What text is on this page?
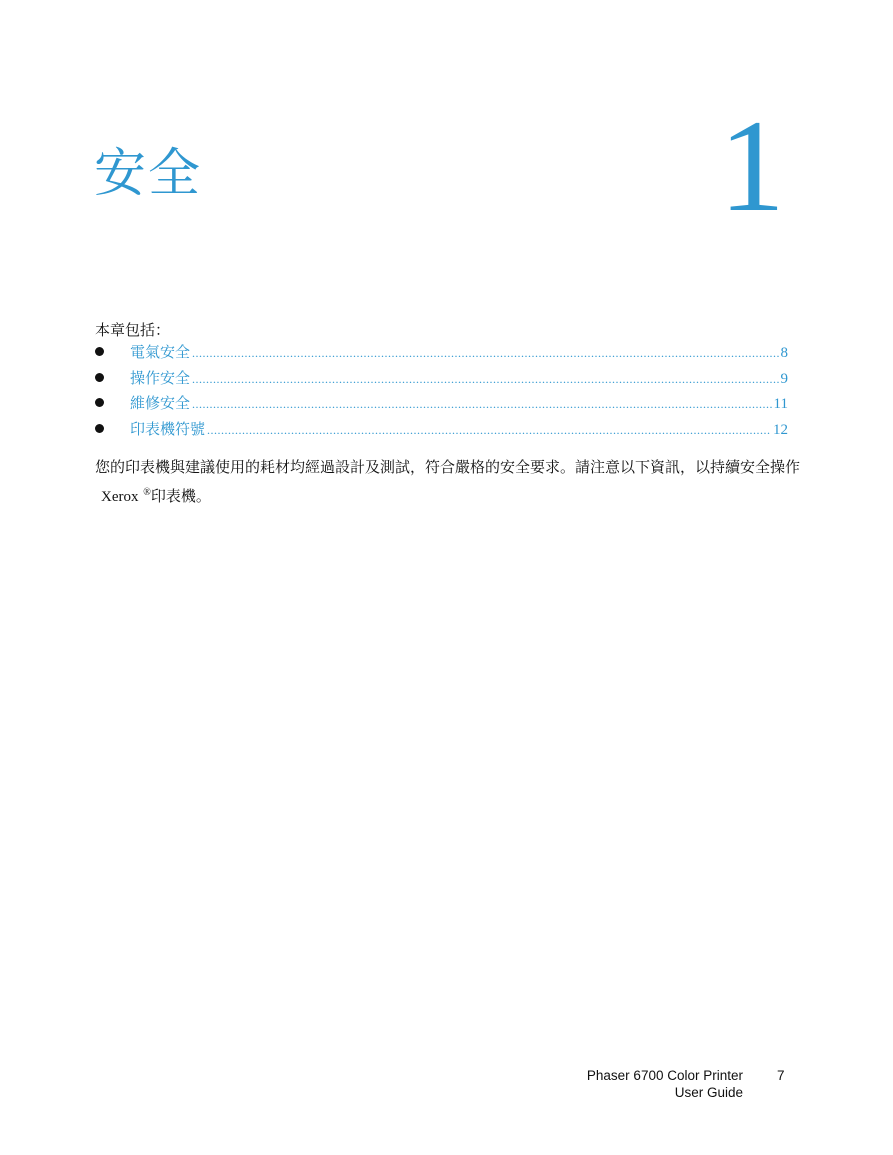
安全	1

本章包括：

電氣安全 .....	8
操作安全 .....	9
維修安全 .....	11
印表機符號 .....	12

您的印表機與建議使用的耗材均經過設計及測試，符合嚴格的安全要求。請注意以下資訊，以持續安全操作Xerox ®印表機。

Phaser 6700 Color Printer
User Guide
7
